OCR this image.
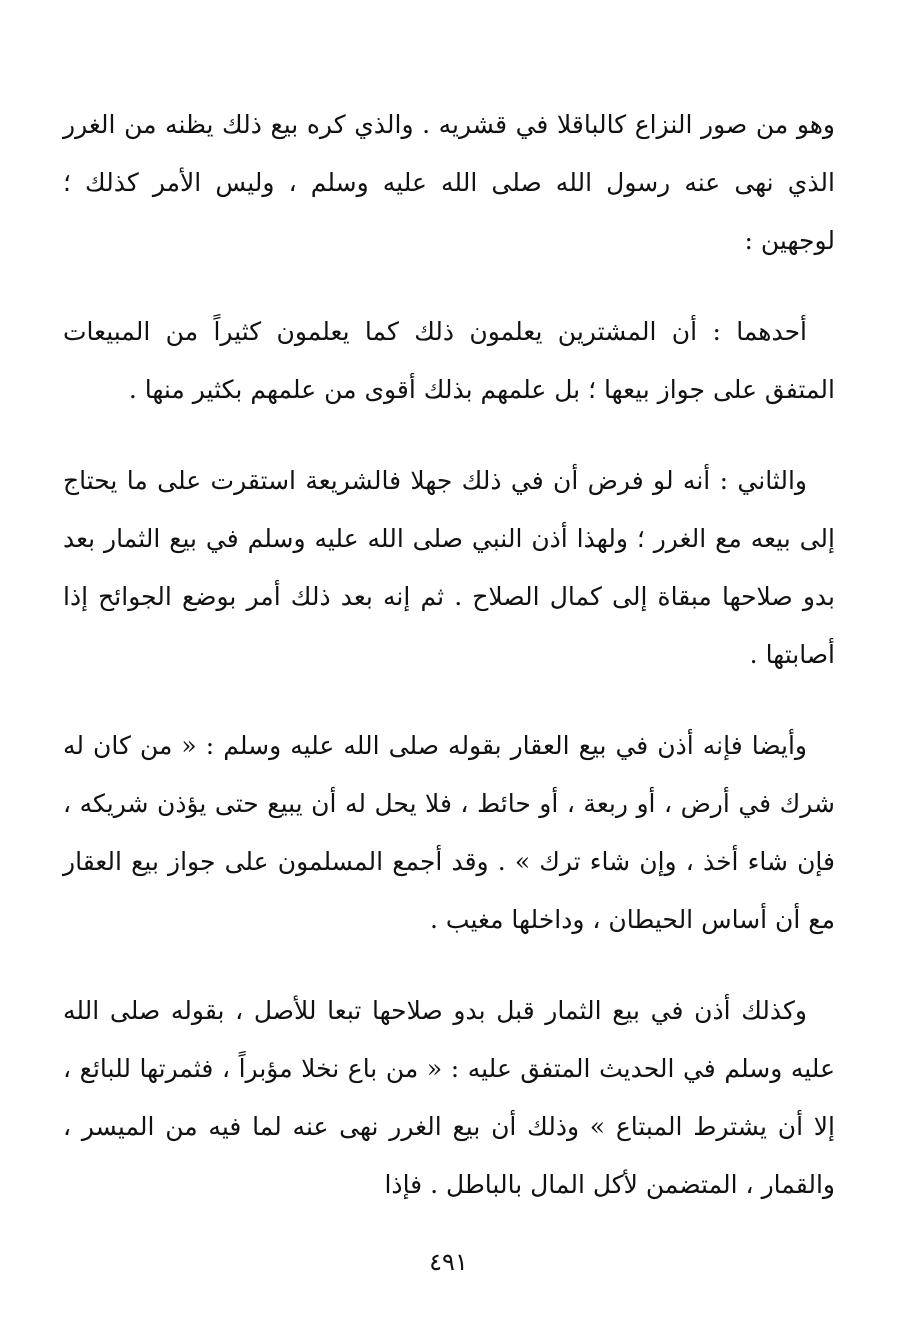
وهو من صور النزاع كالباقلا في قشريه . والذي كره بيع ذلك يظنه من الغرر الذي نهى عنه رسول الله صلى الله عليه وسلم ، وليس الأمر كذلك ؛ لوجهين :

أحدهما : أن المشترين يعلمون ذلك كما يعلمون كثيراً من المبيعات المتفق على جواز بيعها ؛ بل علمهم بذلك أقوى من علمهم بكثير منها .

والثاني : أنه لو فرض أن في ذلك جهلا فالشريعة استقرت على ما يحتاج إلى بيعه مع الغرر ؛ ولهذا أذن النبي صلى الله عليه وسلم في بيع الثمار بعد بدو صلاحها مبقاة إلى كمال الصلاح . ثم إنه بعد ذلك أمر بوضع الجوائح إذا أصابتها .

وأيضا فإنه أذن في بيع العقار بقوله صلى الله عليه وسلم : « من كان له شرك في أرض ، أو ربعة ، أو حائط ، فلا يحل له أن يبيع حتى يؤذن شريكه ، فإن شاء أخذ ، وإن شاء ترك » . وقد أجمع المسلمون على جواز بيع العقار مع أن أساس الحيطان ، وداخلها مغيب .

وكذلك أذن في بيع الثمار قبل بدو صلاحها تبعا للأصل ، بقوله صلى الله عليه وسلم في الحديث المتفق عليه : « من باع نخلا مؤبراً ، فثمرتها للبائع ، إلا أن يشترط المبتاع » وذلك أن بيع الغرر نهى عنه لما فيه من الميسر ، والقمار ، المتضمن لأكل المال بالباطل . فإذا

٤٩١
